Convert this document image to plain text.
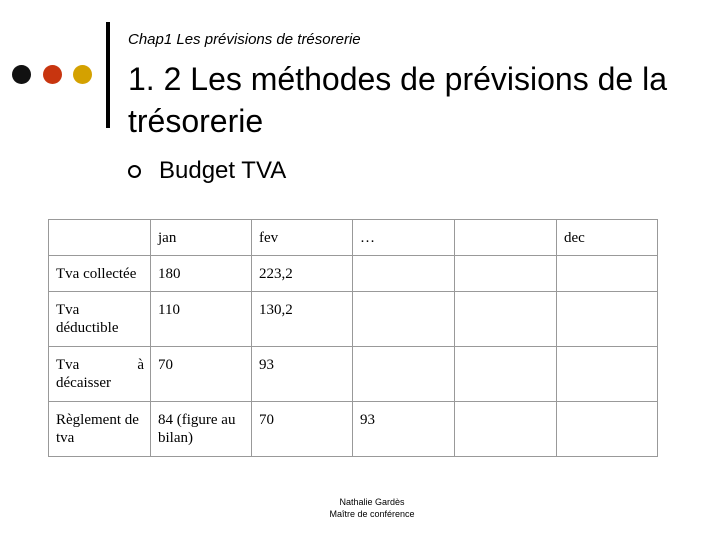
Chap1 Les prévisions de trésorerie
1. 2 Les méthodes de prévisions de la trésorerie
Budget TVA
	jan	fev	…		dec
Tva collectée	180	223,2			
Tva déductible	110	130,2			

Tva à
décaisser	70	93			
Règlement de tva	84 (figure au bilan)	70	93		
Nathalie Gardès
Maître de conférence
